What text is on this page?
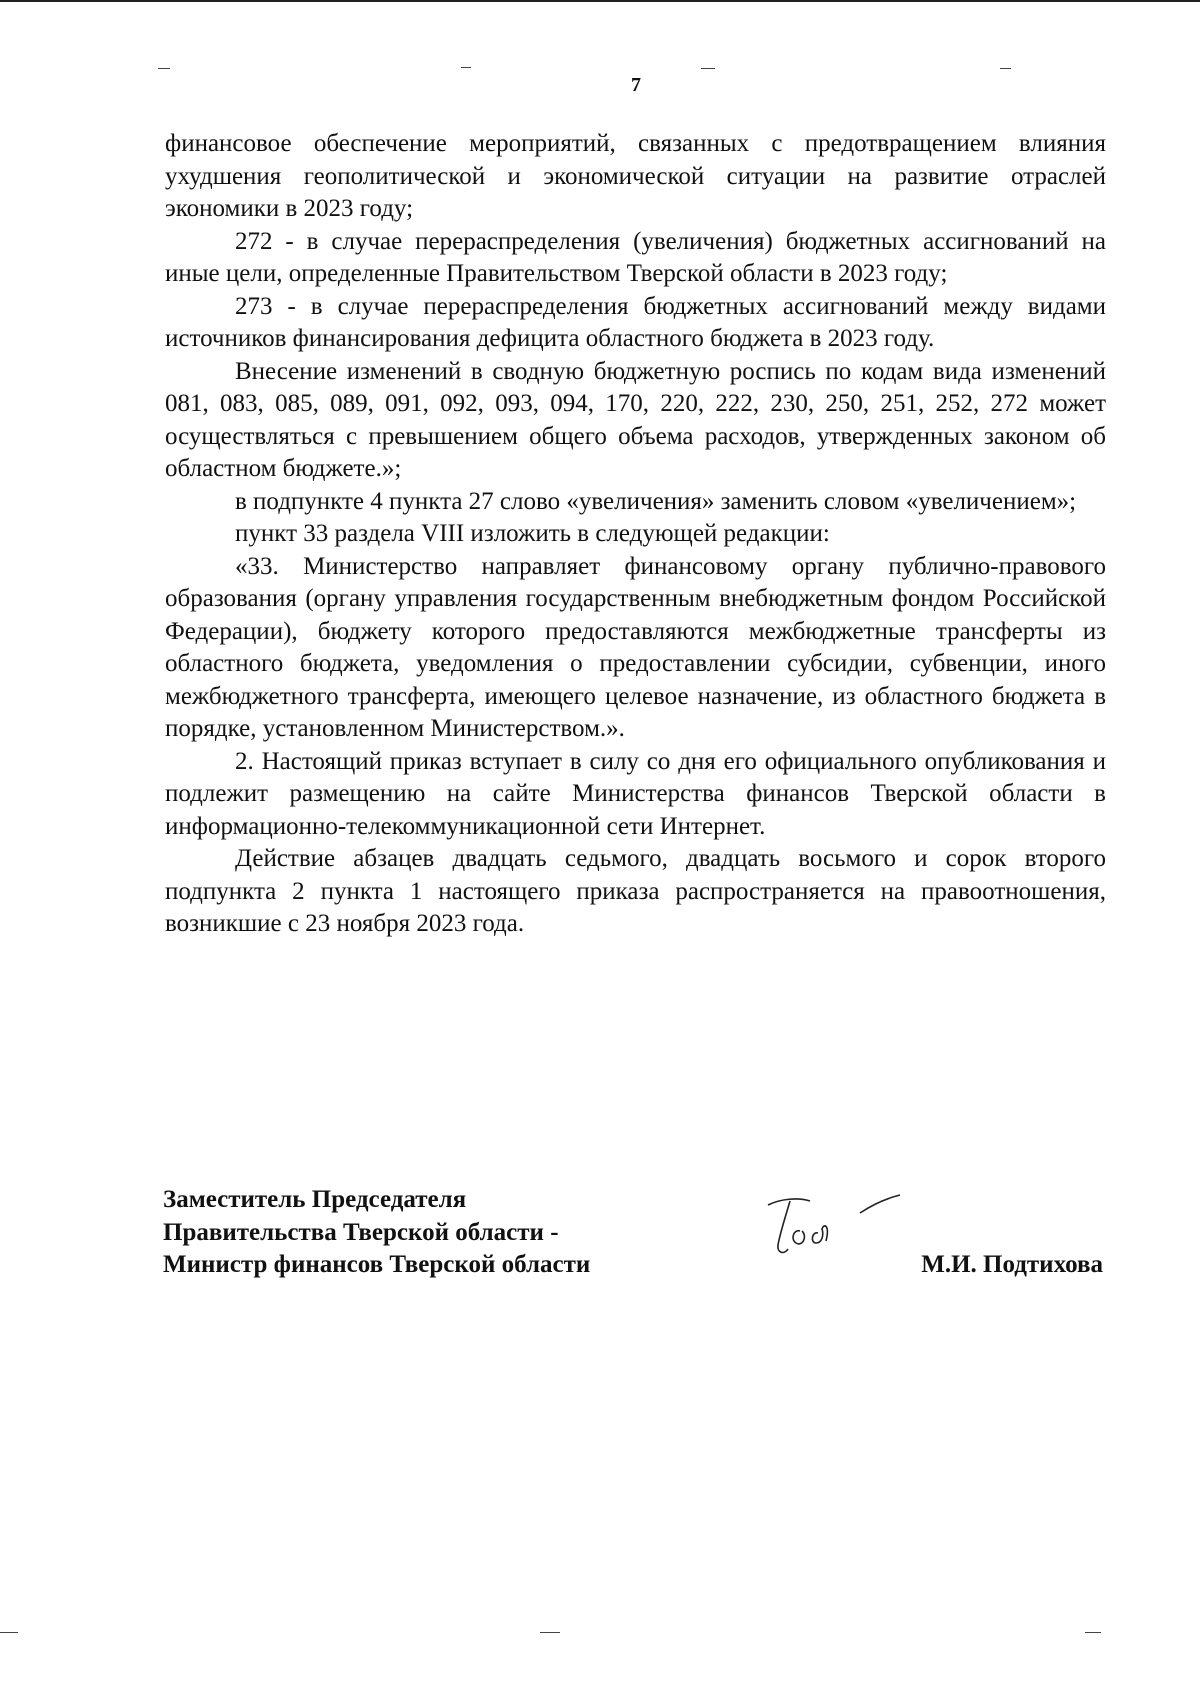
7

финансовое обеспечение мероприятий, связанных с предотвращением влияния ухудшения геополитической и экономической ситуации на развитие отраслей экономики в 2023 году;

272 - в случае перераспределения (увеличения) бюджетных ассигнований на иные цели, определенные Правительством Тверской области в 2023 году;

273 - в случае перераспределения бюджетных ассигнований между видами источников финансирования дефицита областного бюджета в 2023 году.

Внесение изменений в сводную бюджетную роспись по кодам вида изменений 081, 083, 085, 089, 091, 092, 093, 094, 170, 220, 222, 230, 250, 251, 252, 272 может осуществляться с превышением общего объема расходов, утвержденных законом об областном бюджете.»;

в подпункте 4 пункта 27 слово «увеличения» заменить словом «увеличением»;

пункт 33 раздела VIII изложить в следующей редакции:

«33. Министерство направляет финансовому органу публично-правового образования (органу управления государственным внебюджетным фондом Российской Федерации), бюджету которого предоставляются межбюджетные трансферты из областного бюджета, уведомления о предоставлении субсидии, субвенции, иного межбюджетного трансферта, имеющего целевое назначение, из областного бюджета в порядке, установленном Министерством.».

2. Настоящий приказ вступает в силу со дня его официального опубликования и подлежит размещению на сайте Министерства финансов Тверской области в информационно-телекоммуникационной сети Интернет.

Действие абзацев двадцать седьмого, двадцать восьмого и сорок второго подпункта 2 пункта 1 настоящего приказа распространяется на правоотношения, возникшие с 23 ноября 2023 года.

Заместитель Председателя
Правительства Тверской области -
Министр финансов Тверской области	М.И. Подтихова
